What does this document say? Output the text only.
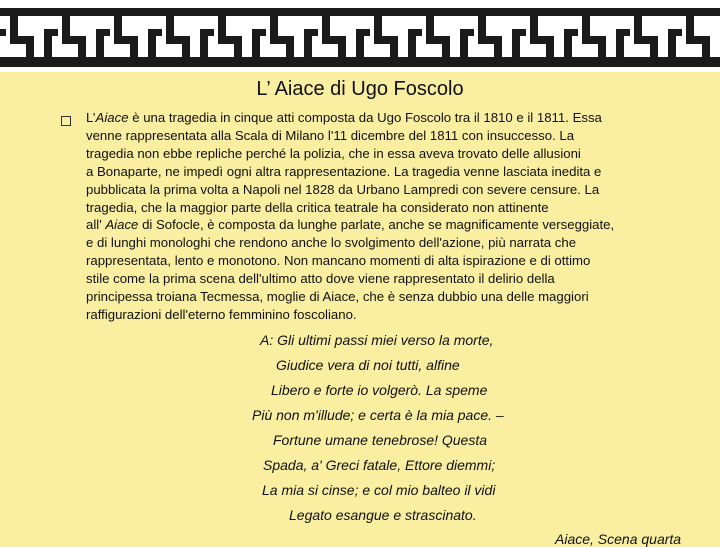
L’ Aiace di Ugo Foscolo

L’Aiace è una tragedia in cinque atti composta da Ugo Foscolo tra il 1810 e il 1811. Essa
venne rappresentata alla Scala di Milano l'11 dicembre del 1811 con insuccesso. La
tragedia non ebbe repliche perché la polizia, che in essa aveva trovato delle allusioni
a Bonaparte, ne impedì ogni altra rappresentazione. La tragedia venne lasciata inedita e
pubblicata la prima volta a Napoli nel 1828 da Urbano Lampredi con severe censure. La
tragedia, che la maggior parte della critica teatrale ha considerato non attinente
all' Aiace di Sofocle, è composta da lunghe parlate, anche se magnificamente verseggiate,
e di lunghi monologhi che rendono anche lo svolgimento dell'azione, più narrata che
rappresentata, lento e monotono. Non mancano momenti di alta ispirazione e di ottimo
stile come la prima scena dell'ultimo atto dove viene rappresentato il delirio della
principessa troiana Tecmessa, moglie di Aiace, che è senza dubbio una delle maggiori
raffigurazioni dell'eterno femminino foscoliano.

A: Gli ultimi passi miei verso la morte,
Giudice vera di noi tutti, alfine
Libero e forte io volgerò. La speme
Più non m'illude; e certa è la mia pace. –
Fortune umane tenebrose! Questa
Spada, a' Greci fatale, Ettore diemmi;
La mia si cinse; e col mio balteo il vidi
Legato esangue e strascinato.
Aiace, Scena quarta
